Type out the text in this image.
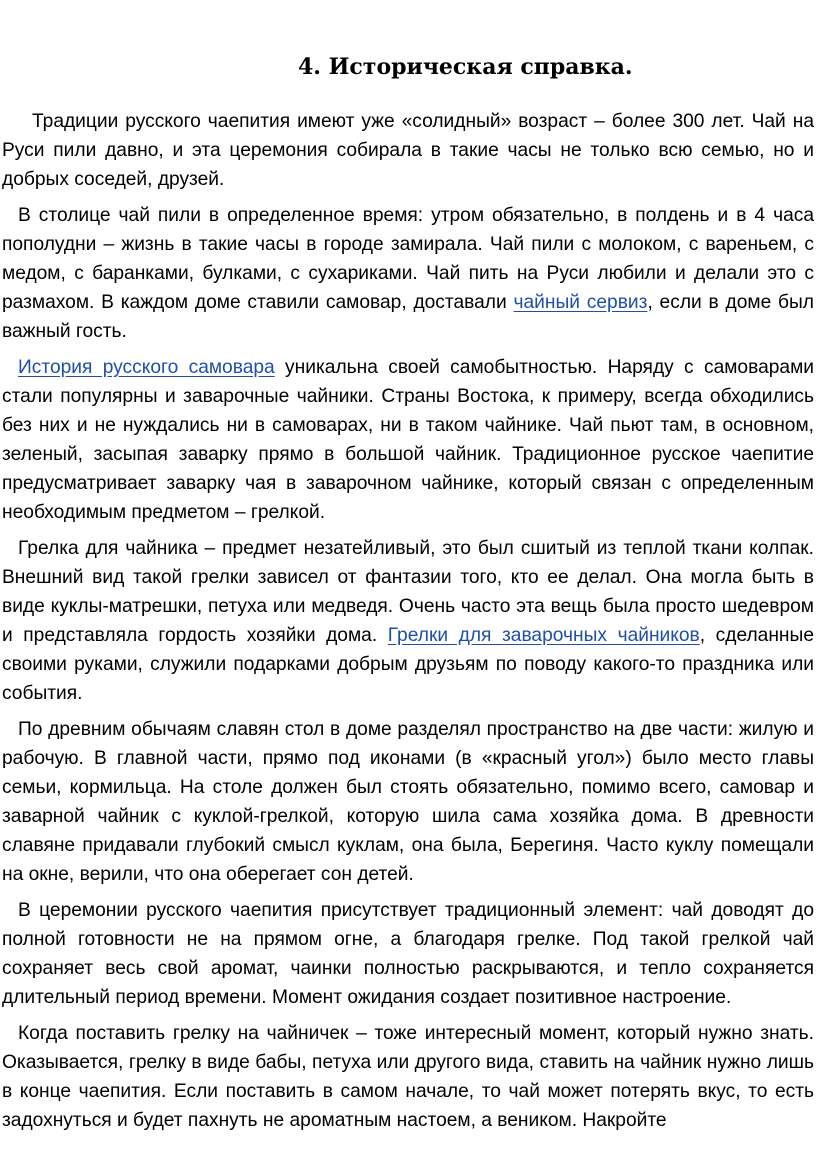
4. Историческая справка.

Традиции русского чаепития имеют уже «солидный» возраст – более 300 лет. Чай на Руси пили давно, и эта церемония собирала в такие часы не только всю семью, но и добрых соседей, друзей.

В столице чай пили в определенное время: утром обязательно, в полдень и в 4 часа пополудни – жизнь в такие часы в городе замирала. Чай пили с молоком, с вареньем, с медом, с баранками, булками, с сухариками. Чай пить на Руси любили и делали это с размахом. В каждом доме ставили самовар, доставали чайный сервиз, если в доме был важный гость.

История русского самовара уникальна своей самобытностью. Наряду с самоварами стали популярны и заварочные чайники. Страны Востока, к примеру, всегда обходились без них и не нуждались ни в самоварах, ни в таком чайнике. Чай пьют там, в основном, зеленый, засыпая заварку прямо в большой чайник. Традиционное русское чаепитие предусматривает заварку чая в заварочном чайнике, который связан с определенным необходимым предметом – грелкой.

Грелка для чайника – предмет незатейливый, это был сшитый из теплой ткани колпак. Внешний вид такой грелки зависел от фантазии того, кто ее делал. Она могла быть в виде куклы-матрешки, петуха или медведя. Очень часто эта вещь была просто шедевром и представляла гордость хозяйки дома. Грелки для заварочных чайников, сделанные своими руками, служили подарками добрым друзьям по поводу какого-то праздника или события.

По древним обычаям славян стол в доме разделял пространство на две части: жилую и рабочую. В главной части, прямо под иконами (в «красный угол») было место главы семьи, кормильца. На столе должен был стоять обязательно, помимо всего, самовар и заварной чайник с куклой-грелкой, которую шила сама хозяйка дома. В древности славяне придавали глубокий смысл куклам, она была, Берегиня. Часто куклу помещали на окне, верили, что она оберегает сон детей.

В церемонии русского чаепития присутствует традиционный элемент: чай доводят до полной готовности не на прямом огне, а благодаря грелке. Под такой грелкой чай сохраняет весь свой аромат, чаинки полностью раскрываются, и тепло сохраняется длительный период времени. Момент ожидания создает позитивное настроение.

Когда поставить грелку на чайничек – тоже интересный момент, который нужно знать. Оказывается, грелку в виде бабы, петуха или другого вида, ставить на чайник нужно лишь в конце чаепития. Если поставить в самом начале, то чай может потерять вкус, то есть задохнуться и будет пахнуть не ароматным настоем, а веником. Накройте
